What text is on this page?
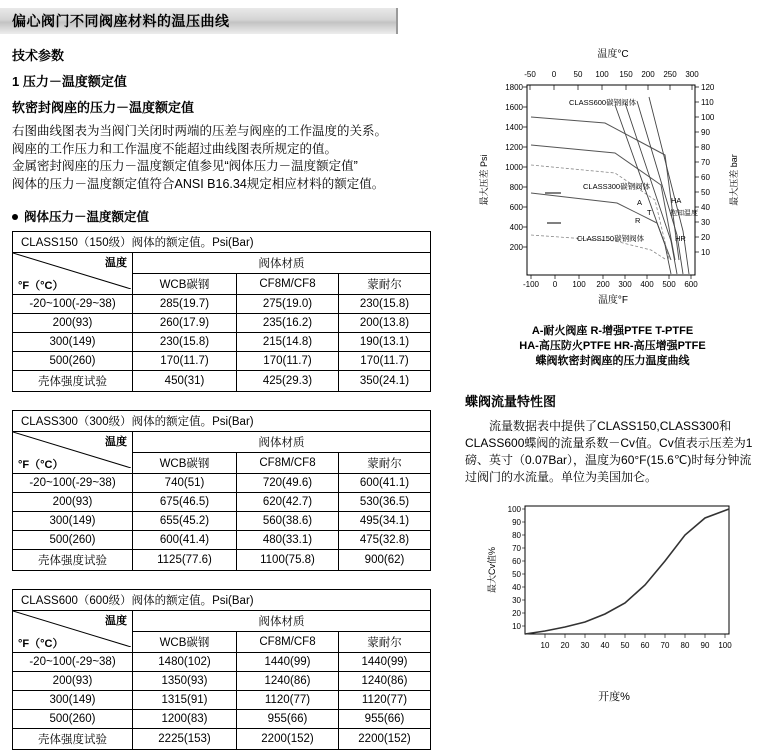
偏心阀门不同阀座材料的温压曲线
技术参数
1 压力－温度额定值
软密封阀座的压力－温度额定值

右图曲线图表为当阀门关闭时两端的压差与阀座的工作温度的关系。

阀座的工作压力和工作温度不能超过曲线图表所规定的值。

金属密封阀座的压力－温度额定值参见“阀体压力－温度额定值”

阀体的压力－温度额定值符合ANSI B16.34规定相应材料的额定值。

阀体压力－温度额定值
CLASS150（150级）阀体的额定值。Psi(Bar)			

温度
°F（°C）	阀体材质		
	WCB碳钢	CF8M/CF8	蒙耐尔
-20~100(-29~38)	285(19.7)	275(19.0)	230(15.8)
200(93)	260(17.9)	235(16.2)	200(13.8)
300(149)	230(15.8)	215(14.8)	190(13.1)
500(260)	170(11.7)	170(11.7)	170(11.7)
壳体强度试验	450(31)	425(29.3)	350(24.1)
CLASS300（300级）阀体的额定值。Psi(Bar)			

温度
°F（°C）	阀体材质		
	WCB碳钢	CF8M/CF8	蒙耐尔
-20~100(-29~38)	740(51)	720(49.6)	600(41.1)
200(93)	675(46.5)	620(42.7)	530(36.5)
300(149)	655(45.2)	560(38.6)	495(34.1)
500(260)	600(41.4)	480(33.1)	475(32.8)
壳体强度试验	1125(77.6)	1100(75.8)	900(62)
CLASS600（600级）阀体的额定值。Psi(Bar)			

温度
°F（°C）	阀体材质		
	WCB碳钢	CF8M/CF8	蒙耐尔
-20~100(-29~38)	1480(102)	1440(99)	1440(99)
200(93)	1350(93)	1240(86)	1240(86)
300(149)	1315(91)	1120(77)	1120(77)
500(260)	1200(83)	955(66)	955(66)
壳体强度试验	2225(153)	2200(152)	2200(152)
温度°C
-50 0 50 100 150 200 250 300
1800
1600
1400
1200
1000
800
600
400
200
120
110
100
90
80
70
60
50
40
30
20
10
-100 0 100 200 300 400 500 600
最大压差 Psi	最大压差 bar
温度°F
CLASS600碳钢阀体
CLASS300碳钢阀体
CLASS150碳钢阀体
A
R
T
HA
抱知温度
HR
A-耐火阀座 R-增强PTFE T-PTFE
HA-高压防火PTFE HR-高压增强PTFE
蝶阀软密封阀座的压力温度曲线
蝶阀流量特性图
流量数据表中提供了CLASS150,CLASS300和CLASS600蝶阀的流量系数－Cv值。Cv值表示压差为1磅、英寸（0.07Bar），温度为60°F(15.6℃)时每分钟流过阀门的水流量。单位为美国加仑。
100
90
80
70
60
50
40
30
20
10
10 20 30 40 50 60 70 80 90 100
最大Cv值%
开度%
